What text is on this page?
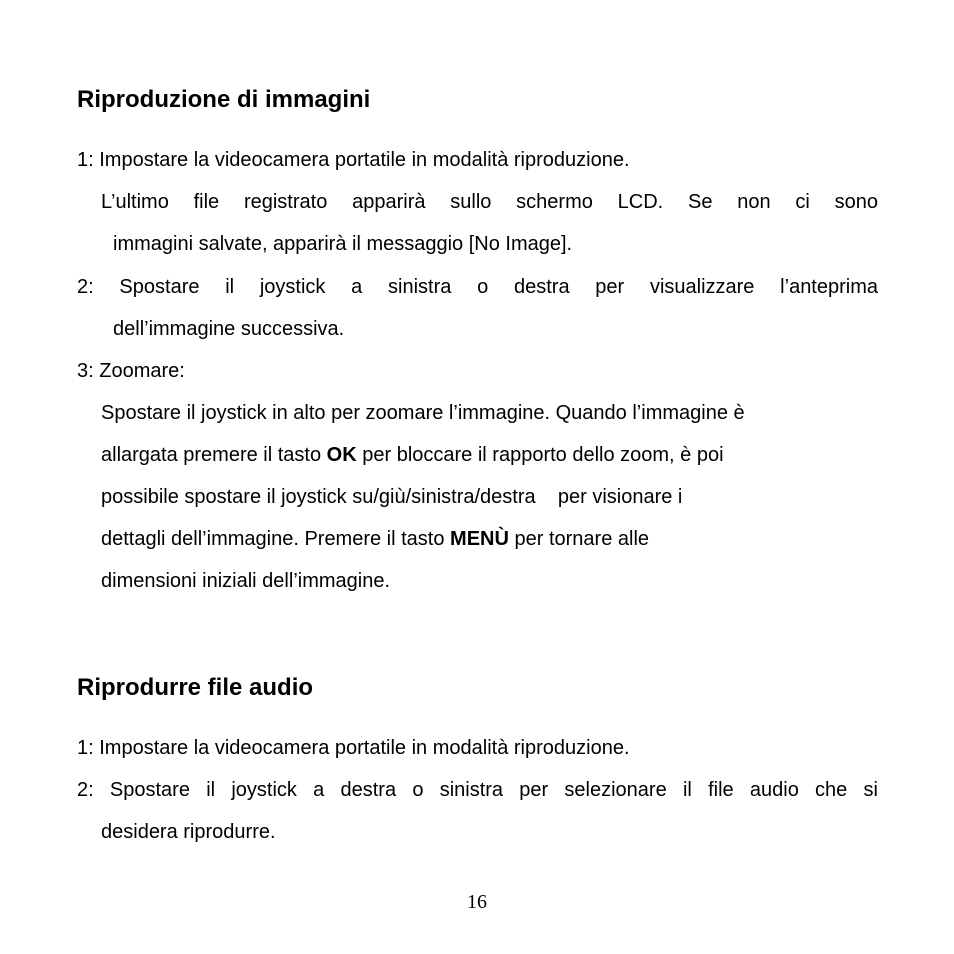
Riproduzione di immagini
1: Impostare la videocamera portatile in modalità riproduzione.
L’ultimo file registrato apparirà sullo schermo LCD. Se non ci sono
immagini salvate, apparirà il messaggio [No Image].
2: Spostare il joystick a sinistra o destra per visualizzare l’anteprima
dell’immagine successiva.
3: Zoomare:
Spostare il joystick in alto per zoomare l’immagine. Quando l’immagine è
allargata premere il tasto OK per bloccare il rapporto dello zoom, è poi
possibile spostare il joystick su/giù/sinistra/destra    per visionare i
dettagli dell’immagine. Premere il tasto MENÙ per tornare alle
dimensioni iniziali dell’immagine.
Riprodurre file audio
1: Impostare la videocamera portatile in modalità riproduzione.
2: Spostare il joystick a destra o sinistra per selezionare il file audio che si
desidera riprodurre.
16
